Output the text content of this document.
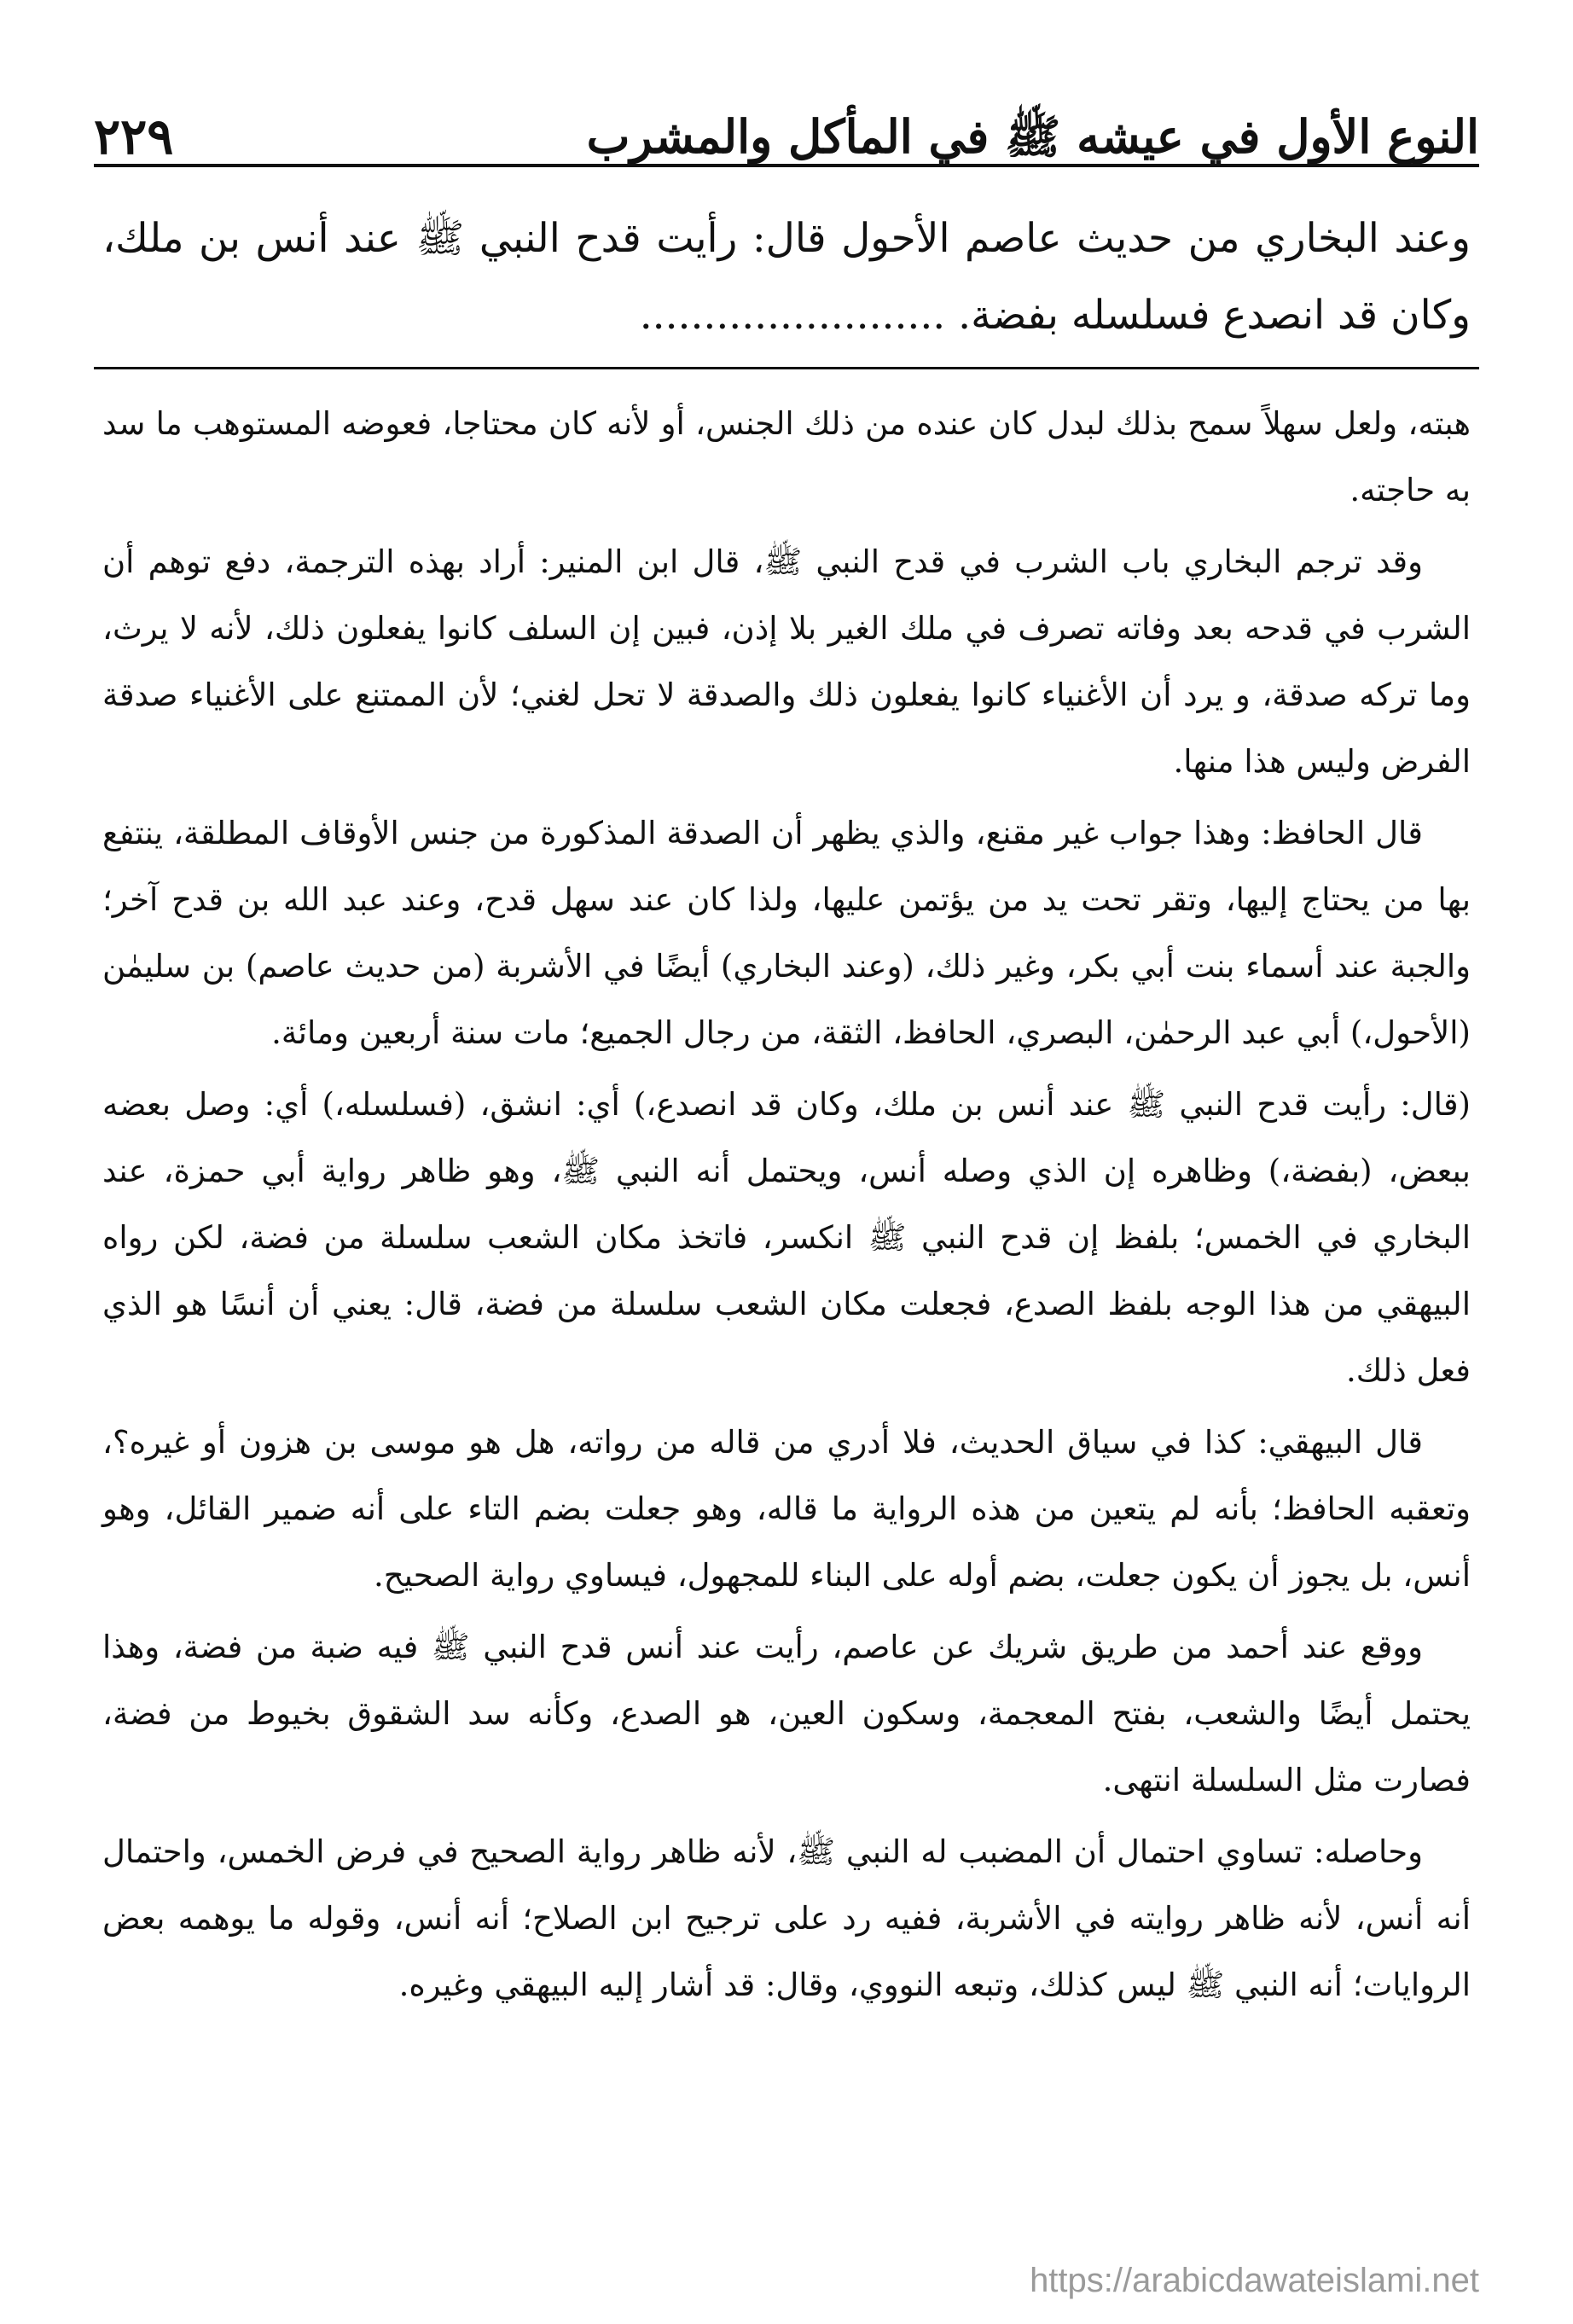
النوع الأول في عيشه ﷺ في المأكل والمشرب
٢٢٩
وعند البخاري من حديث عاصم الأحول قال: رأيت قدح النبي ﷺ عند أنس بن ملك، وكان قد انصدع فسلسله بفضة. ........................

هبته، ولعل سهلاً سمح بذلك لبدل كان عنده من ذلك الجنس، أو لأنه كان محتاجا، فعوضه المستوهب ما سد به حاجته.

وقد ترجم البخاري باب الشرب في قدح النبي ﷺ، قال ابن المنير: أراد بهذه الترجمة، دفع توهم أن الشرب في قدحه بعد وفاته تصرف في ملك الغير بلا إذن، فبين إن السلف كانوا يفعلون ذلك، لأنه لا يرث، وما تركه صدقة، و يرد أن الأغنياء كانوا يفعلون ذلك والصدقة لا تحل لغني؛ لأن الممتنع على الأغنياء صدقة الفرض وليس هذا منها.

قال الحافظ: وهذا جواب غير مقنع، والذي يظهر أن الصدقة المذكورة من جنس الأوقاف المطلقة، ينتفع بها من يحتاج إليها، وتقر تحت يد من يؤتمن عليها، ولذا كان عند سهل قدح، وعند عبد الله بن قدح آخر؛ والجبة عند أسماء بنت أبي بكر، وغير ذلك، (وعند البخاري) أيضًا في الأشربة (من حديث عاصم) بن سليمٰن (الأحول،) أبي عبد الرحمٰن، البصري، الحافظ، الثقة، من رجال الجميع؛ مات سنة أربعين ومائة.

(قال: رأيت قدح النبي ﷺ عند أنس بن ملك، وكان قد انصدع،) أي: انشق، (فسلسله،) أي: وصل بعضه ببعض، (بفضة،) وظاهره إن الذي وصله أنس، ويحتمل أنه النبي ﷺ، وهو ظاهر رواية أبي حمزة، عند البخاري في الخمس؛ بلفظ إن قدح النبي ﷺ انكسر، فاتخذ مكان الشعب سلسلة من فضة، لكن رواه البيهقي من هذا الوجه بلفظ الصدع، فجعلت مكان الشعب سلسلة من فضة، قال: يعني أن أنسًا هو الذي فعل ذلك.

قال البيهقي: كذا في سياق الحديث، فلا أدري من قاله من رواته، هل هو موسى بن هزون أو غيره؟، وتعقبه الحافظ؛ بأنه لم يتعين من هذه الرواية ما قاله، وهو جعلت بضم التاء على أنه ضمير القائل، وهو أنس، بل يجوز أن يكون جعلت، بضم أوله على البناء للمجهول، فيساوي رواية الصحيح.

ووقع عند أحمد من طريق شريك عن عاصم، رأيت عند أنس قدح النبي ﷺ فيه ضبة من فضة، وهذا يحتمل أيضًا والشعب، بفتح المعجمة، وسكون العين، هو الصدع، وكأنه سد الشقوق بخيوط من فضة، فصارت مثل السلسلة انتهى.

وحاصله: تساوي احتمال أن المضبب له النبي ﷺ، لأنه ظاهر رواية الصحيح في فرض الخمس، واحتمال أنه أنس، لأنه ظاهر روايته في الأشربة، ففيه رد على ترجيح ابن الصلاح؛ أنه أنس، وقوله ما يوهمه بعض الروايات؛ أنه النبي ﷺ ليس كذلك، وتبعه النووي، وقال: قد أشار إليه البيهقي وغيره.

https://arabicdawateislami.net
